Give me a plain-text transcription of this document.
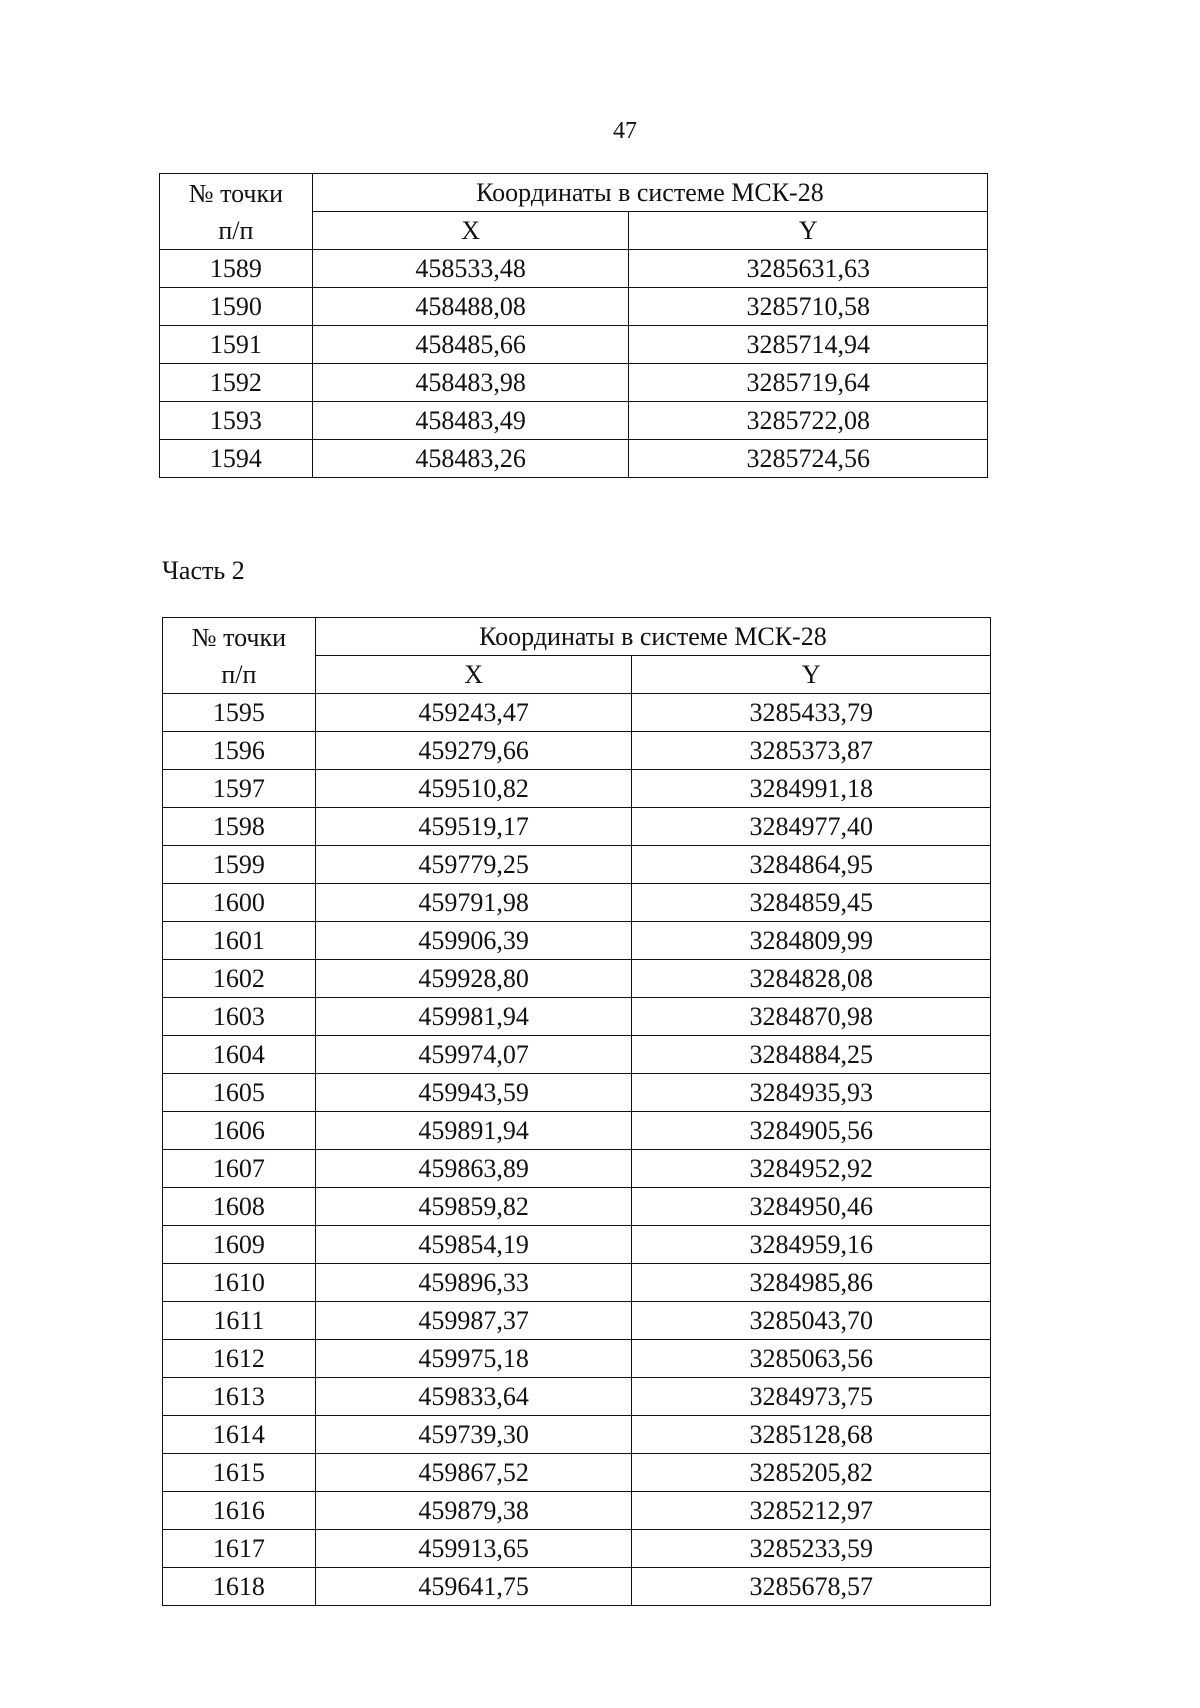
47
№ точки
п/п	Координаты в системе МСК-28	
	X	Y
1589	458533,48	3285631,63
1590	458488,08	3285710,58
1591	458485,66	3285714,94
1592	458483,98	3285719,64
1593	458483,49	3285722,08
1594	458483,26	3285724,56
Часть 2
№ точки
п/п	Координаты в системе МСК-28	
	X	Y
1595	459243,47	3285433,79
1596	459279,66	3285373,87
1597	459510,82	3284991,18
1598	459519,17	3284977,40
1599	459779,25	3284864,95
1600	459791,98	3284859,45
1601	459906,39	3284809,99
1602	459928,80	3284828,08
1603	459981,94	3284870,98
1604	459974,07	3284884,25
1605	459943,59	3284935,93
1606	459891,94	3284905,56
1607	459863,89	3284952,92
1608	459859,82	3284950,46
1609	459854,19	3284959,16
1610	459896,33	3284985,86
1611	459987,37	3285043,70
1612	459975,18	3285063,56
1613	459833,64	3284973,75
1614	459739,30	3285128,68
1615	459867,52	3285205,82
1616	459879,38	3285212,97
1617	459913,65	3285233,59
1618	459641,75	3285678,57
